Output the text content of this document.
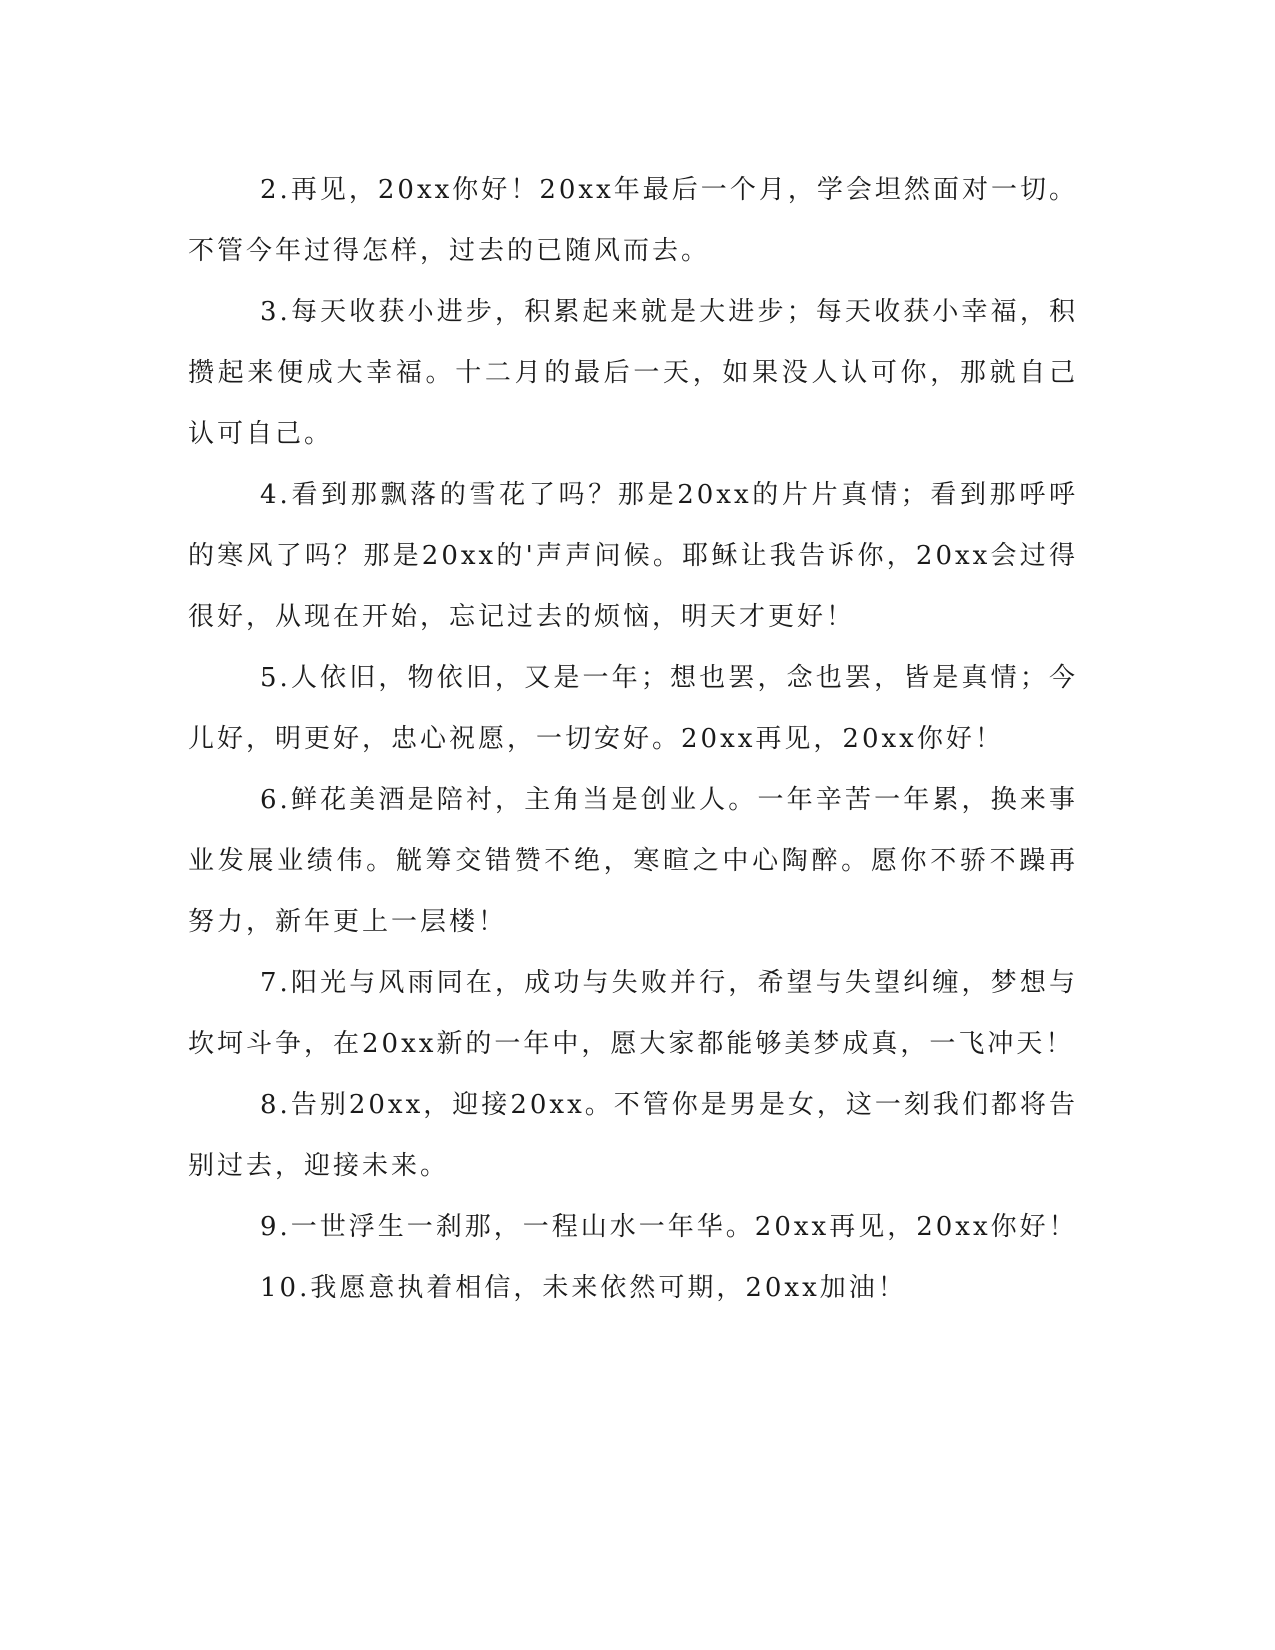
2.再见，20xx你好！20xx年最后一个月，学会坦然面对一切。不管今年过得怎样，过去的已随风而去。

3.每天收获小进步，积累起来就是大进步；每天收获小幸福，积攒起来便成大幸福。十二月的最后一天，如果没人认可你，那就自己认可自己。

4.看到那飘落的雪花了吗？那是20xx的片片真情；看到那呼呼的寒风了吗？那是20xx的'声声问候。耶稣让我告诉你，20xx会过得很好，从现在开始，忘记过去的烦恼，明天才更好！

5.人依旧，物依旧，又是一年；想也罢，念也罢，皆是真情；今儿好，明更好，忠心祝愿，一切安好。20xx再见，20xx你好！

6.鲜花美酒是陪衬，主角当是创业人。一年辛苦一年累，换来事业发展业绩伟。觥筹交错赞不绝，寒暄之中心陶醉。愿你不骄不躁再努力，新年更上一层楼！

7.阳光与风雨同在，成功与失败并行，希望与失望纠缠，梦想与坎坷斗争，在20xx新的一年中，愿大家都能够美梦成真，一飞冲天！

8.告别20xx，迎接20xx。不管你是男是女，这一刻我们都将告别过去，迎接未来。

9.一世浮生一刹那，一程山水一年华。20xx再见，20xx你好！

10.我愿意执着相信，未来依然可期，20xx加油！
